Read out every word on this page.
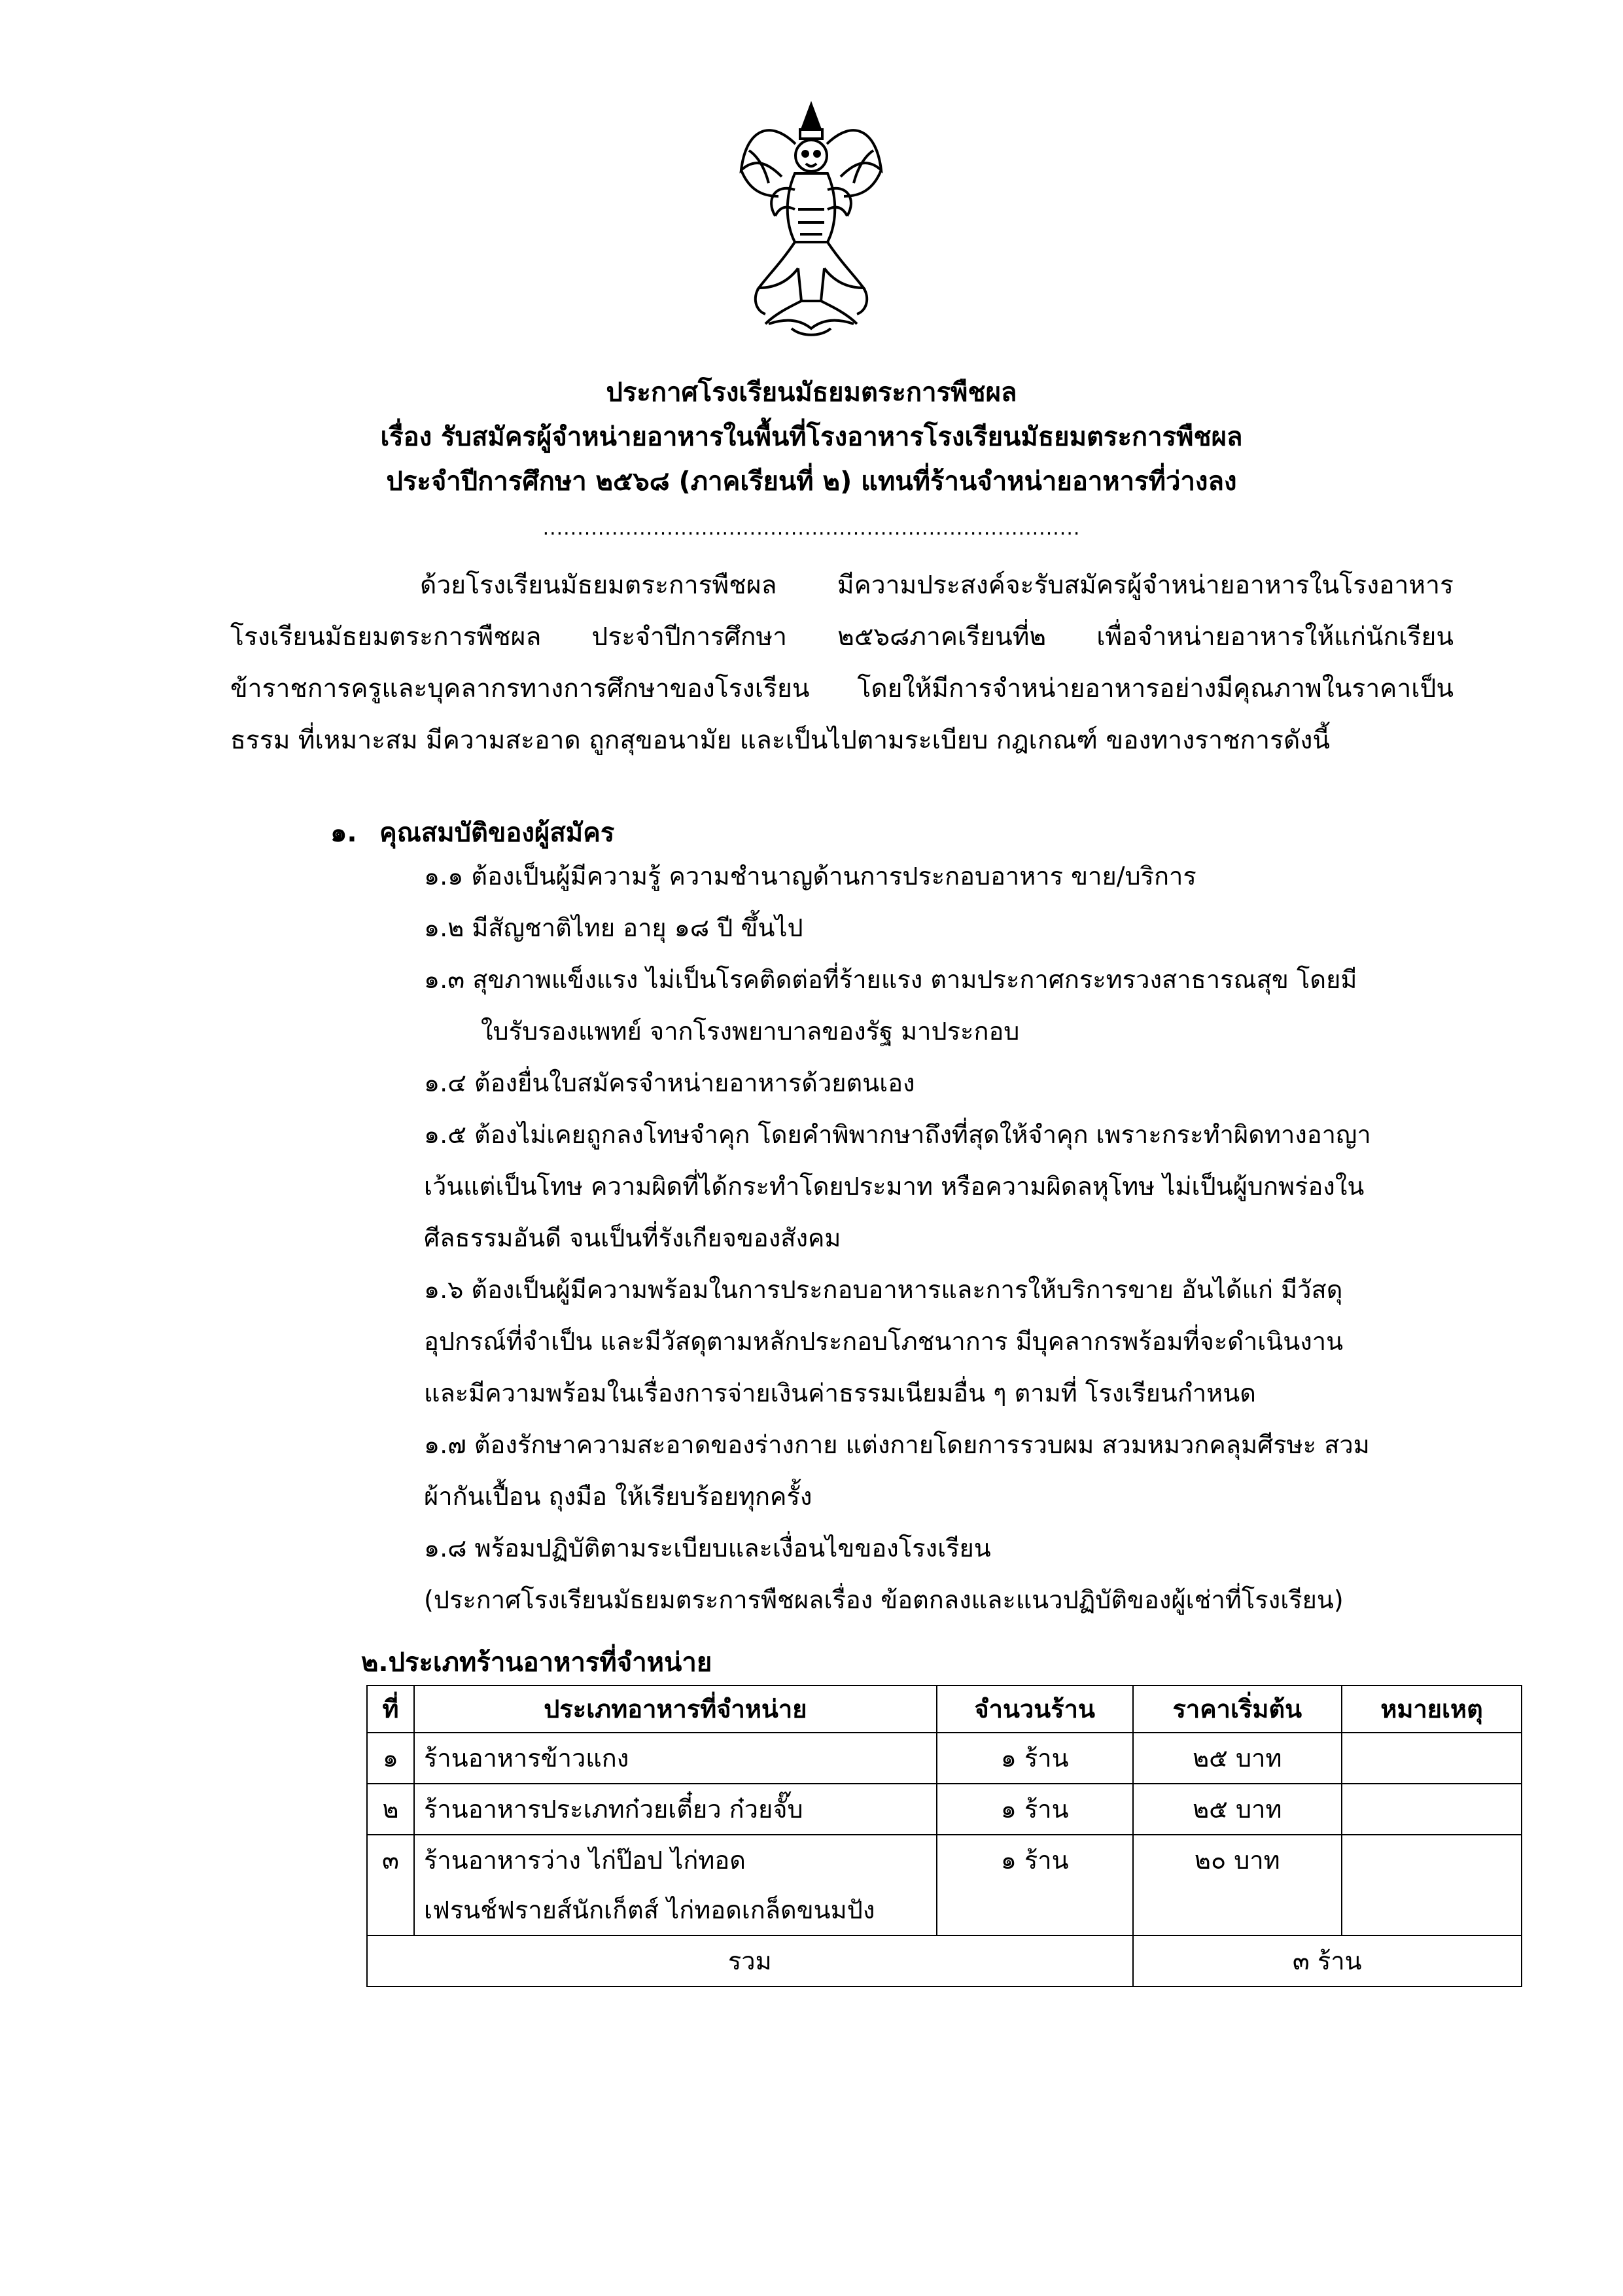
ประกาศโรงเรียนมัธยมตระการพืชผล
เรื่อง รับสมัครผู้จำหน่ายอาหารในพื้นที่โรงอาหารโรงเรียนมัธยมตระการพืชผล
ประจำปีการศึกษา ๒๕๖๘ (ภาคเรียนที่ ๒) แทนที่ร้านจำหน่ายอาหารที่ว่างลง
..............................................................................
ด้วยโรงเรียนมัธยมตระการพืชผล มีความประสงค์จะรับสมัครผู้จำหน่ายอาหารในโรงอาหารโรงเรียนมัธยมตระการพืชผล ประจำปีการศึกษา ๒๕๖๘ภาคเรียนที่๒ เพื่อจำหน่ายอาหารให้แก่นักเรียน ข้าราชการครูและบุคลากรทางการศึกษาของโรงเรียน โดยให้มีการจำหน่ายอาหารอย่างมีคุณภาพในราคาเป็นธรรม ที่เหมาะสม มีความสะอาด ถูกสุขอนามัย และเป็นไปตามระเบียบ กฎเกณฑ์ ของทางราชการดังนี้
๑. คุณสมบัติของผู้สมัคร
๑.๑ ต้องเป็นผู้มีความรู้ ความชำนาญด้านการประกอบอาหาร ขาย/บริการ
๑.๒ มีสัญชาติไทย อายุ ๑๘ ปี ขึ้นไป
๑.๓ สุขภาพแข็งแรง ไม่เป็นโรคติดต่อที่ร้ายแรง ตามประกาศกระทรวงสาธารณสุข โดยมี
ใบรับรองแพทย์ จากโรงพยาบาลของรัฐ มาประกอบ
๑.๔ ต้องยื่นใบสมัครจำหน่ายอาหารด้วยตนเอง
๑.๕ ต้องไม่เคยถูกลงโทษจำคุก โดยคำพิพากษาถึงที่สุดให้จำคุก เพราะกระทำผิดทางอาญา
เว้นแต่เป็นโทษ ความผิดที่ได้กระทำโดยประมาท หรือความผิดลหุโทษ ไม่เป็นผู้บกพร่องใน
ศีลธรรมอันดี จนเป็นที่รังเกียจของสังคม
๑.๖ ต้องเป็นผู้มีความพร้อมในการประกอบอาหารและการให้บริการขาย อันได้แก่ มีวัสดุ
อุปกรณ์ที่จำเป็น และมีวัสดุตามหลักประกอบโภชนาการ มีบุคลากรพร้อมที่จะดำเนินงาน
และมีความพร้อมในเรื่องการจ่ายเงินค่าธรรมเนียมอื่น ๆ ตามที่ โรงเรียนกำหนด
๑.๗ ต้องรักษาความสะอาดของร่างกาย แต่งกายโดยการรวบผม สวมหมวกคลุมศีรษะ สวม
ผ้ากันเปื้อน ถุงมือ ให้เรียบร้อยทุกครั้ง
๑.๘ พร้อมปฏิบัติตามระเบียบและเงื่อนไขของโรงเรียน
(ประกาศโรงเรียนมัธยมตระการพืชผลเรื่อง ข้อตกลงและแนวปฏิบัติของผู้เช่าที่โรงเรียน)
๒.ประเภทร้านอาหารที่จำหน่าย
ที่	ประเภทอาหารที่จำหน่าย	จำนวนร้าน	ราคาเริ่มต้น	หมายเหตุ
๑	ร้านอาหารข้าวแกง	๑ ร้าน	๒๕ บาท	
๒	ร้านอาหารประเภทก๋วยเตี๋ยว ก๋วยจั๊บ	๑ ร้าน	๒๕ บาท	
๓	ร้านอาหารว่าง ไก่ป๊อป ไก่ทอด
เฟรนช์ฟรายส์นักเก็ตส์ ไก่ทอดเกล็ดขนมปัง	๑ ร้าน	๒๐ บาท	
รวม			๓ ร้าน	
